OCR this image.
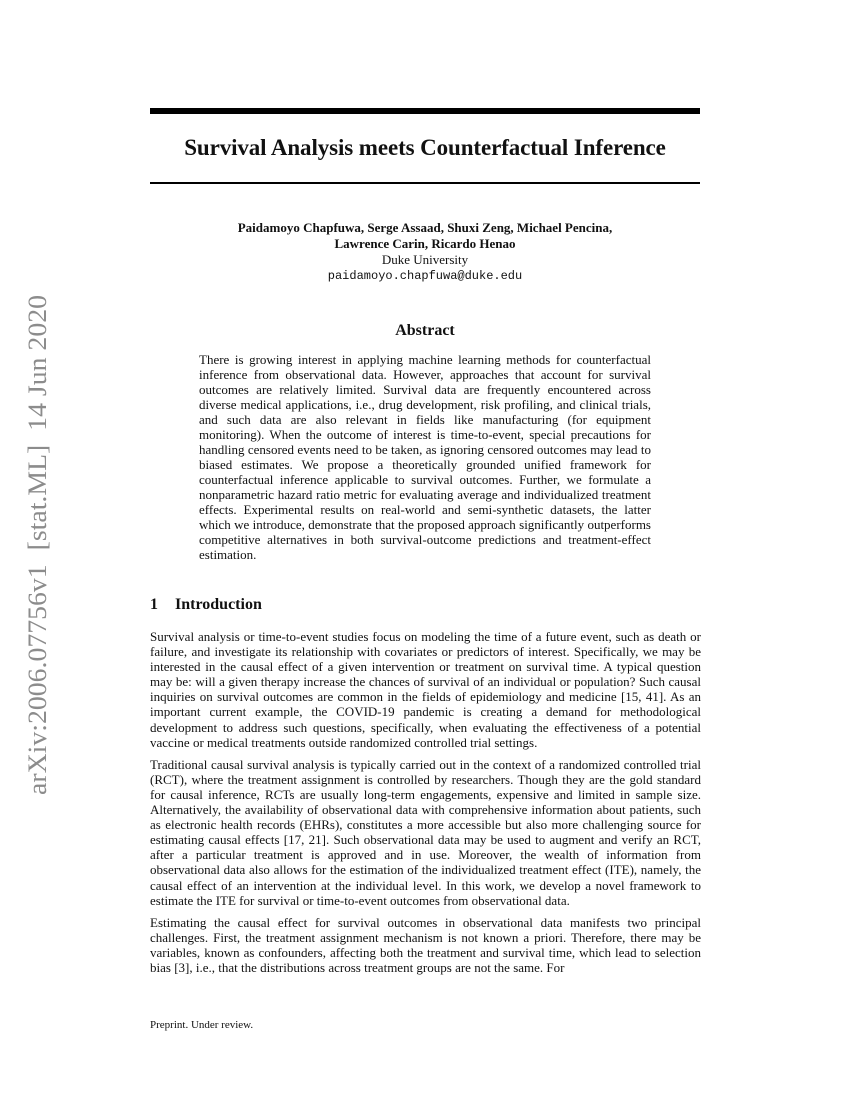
Survival Analysis meets Counterfactual Inference
Paidamoyo Chapfuwa, Serge Assaad, Shuxi Zeng, Michael Pencina,
Lawrence Carin, Ricardo Henao
Duke University
paidamoyo.chapfuwa@duke.edu
arXiv:2006.07756v1  [stat.ML]  14 Jun 2020	Abstract
There is growing interest in applying machine learning methods for counterfactual inference from observational data. However, approaches that account for survival outcomes are relatively limited. Survival data are frequently encountered across diverse medical applications, i.e., drug development, risk profiling, and clinical trials, and such data are also relevant in fields like manufacturing (for equipment monitoring). When the outcome of interest is time-to-event, special precautions for handling censored events need to be taken, as ignoring censored outcomes may lead to biased estimates. We propose a theoretically grounded unified framework for counterfactual inference applicable to survival outcomes. Further, we formulate a nonparametric hazard ratio metric for evaluating average and individualized treatment effects. Experimental results on real-world and semi-synthetic datasets, the latter which we introduce, demonstrate that the proposed approach significantly outperforms competitive alternatives in both survival-outcome predictions and treatment-effect estimation.
1 Introduction

Survival analysis or time-to-event studies focus on modeling the time of a future event, such as death or failure, and investigate its relationship with covariates or predictors of interest. Specifically, we may be interested in the causal effect of a given intervention or treatment on survival time. A typical question may be: will a given therapy increase the chances of survival of an individual or population? Such causal inquiries on survival outcomes are common in the fields of epidemiology and medicine [15, 41]. As an important current example, the COVID-19 pandemic is creating a demand for methodological development to address such questions, specifically, when evaluating the effectiveness of a potential vaccine or medical treatments outside randomized controlled trial settings.

Traditional causal survival analysis is typically carried out in the context of a randomized controlled trial (RCT), where the treatment assignment is controlled by researchers. Though they are the gold standard for causal inference, RCTs are usually long-term engagements, expensive and limited in sample size. Alternatively, the availability of observational data with comprehensive information about patients, such as electronic health records (EHRs), constitutes a more accessible but also more challenging source for estimating causal effects [17, 21]. Such observational data may be used to augment and verify an RCT, after a particular treatment is approved and in use. Moreover, the wealth of information from observational data also allows for the estimation of the individualized treatment effect (ITE), namely, the causal effect of an intervention at the individual level. In this work, we develop a novel framework to estimate the ITE for survival or time-to-event outcomes from observational data.

Estimating the causal effect for survival outcomes in observational data manifests two principal challenges. First, the treatment assignment mechanism is not known a priori. Therefore, there may be variables, known as confounders, affecting both the treatment and survival time, which lead to selection bias [3], i.e., that the distributions across treatment groups are not the same. For

Preprint. Under review.
